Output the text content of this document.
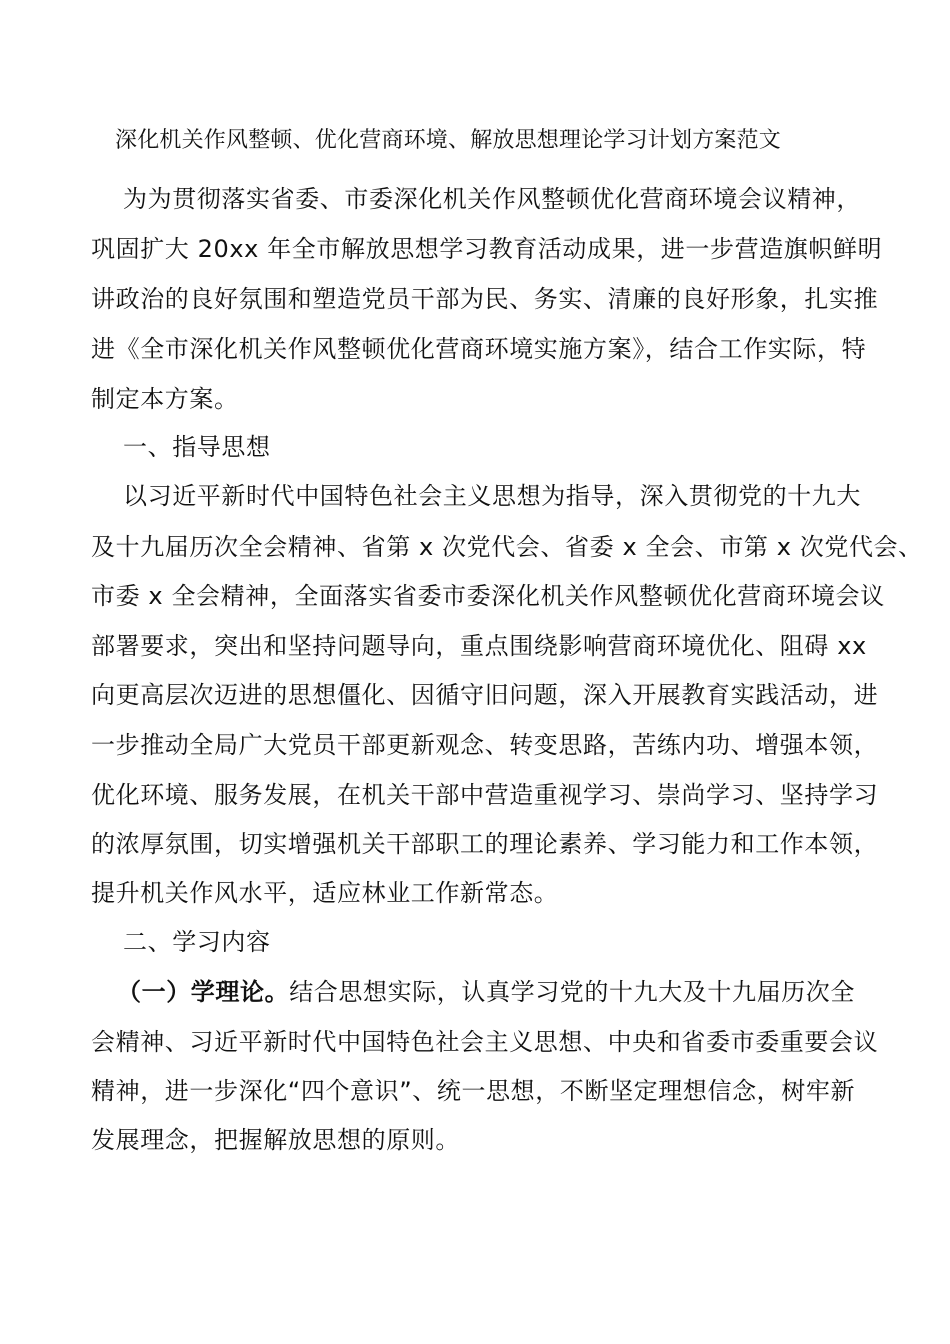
深化机关作风整顿、优化营商环境、解放思想理论学习计划方案范文
为为贯彻落实省委、市委深化机关作风整顿优化营商环境会议精神，
巩固扩大 20xx 年全市解放思想学习教育活动成果，进一步营造旗帜鲜明
讲政治的良好氛围和塑造党员干部为民、务实、清廉的良好形象，扎实推
进《全市深化机关作风整顿优化营商环境实施方案》，结合工作实际，特
制定本方案。
一、指导思想
以习近平新时代中国特色社会主义思想为指导，深入贯彻党的十九大
及十九届历次全会精神、省第 x 次党代会、省委 x 全会、市第 x 次党代会、
市委 x 全会精神，全面落实省委市委深化机关作风整顿优化营商环境会议
部署要求，突出和坚持问题导向，重点围绕影响营商环境优化、阻碍 xx
向更高层次迈进的思想僵化、因循守旧问题，深入开展教育实践活动，进
一步推动全局广大党员干部更新观念、转变思路，苦练内功、增强本领，
优化环境、服务发展，在机关干部中营造重视学习、崇尚学习、坚持学习
的浓厚氛围，切实增强机关干部职工的理论素养、学习能力和工作本领，
提升机关作风水平，适应林业工作新常态。
二、学习内容
（一）学理论。结合思想实际，认真学习党的十九大及十九届历次全
会精神、习近平新时代中国特色社会主义思想、中央和省委市委重要会议
精神，进一步深化“四个意识”、统一思想，不断坚定理想信念，树牢新
发展理念，把握解放思想的原则。
